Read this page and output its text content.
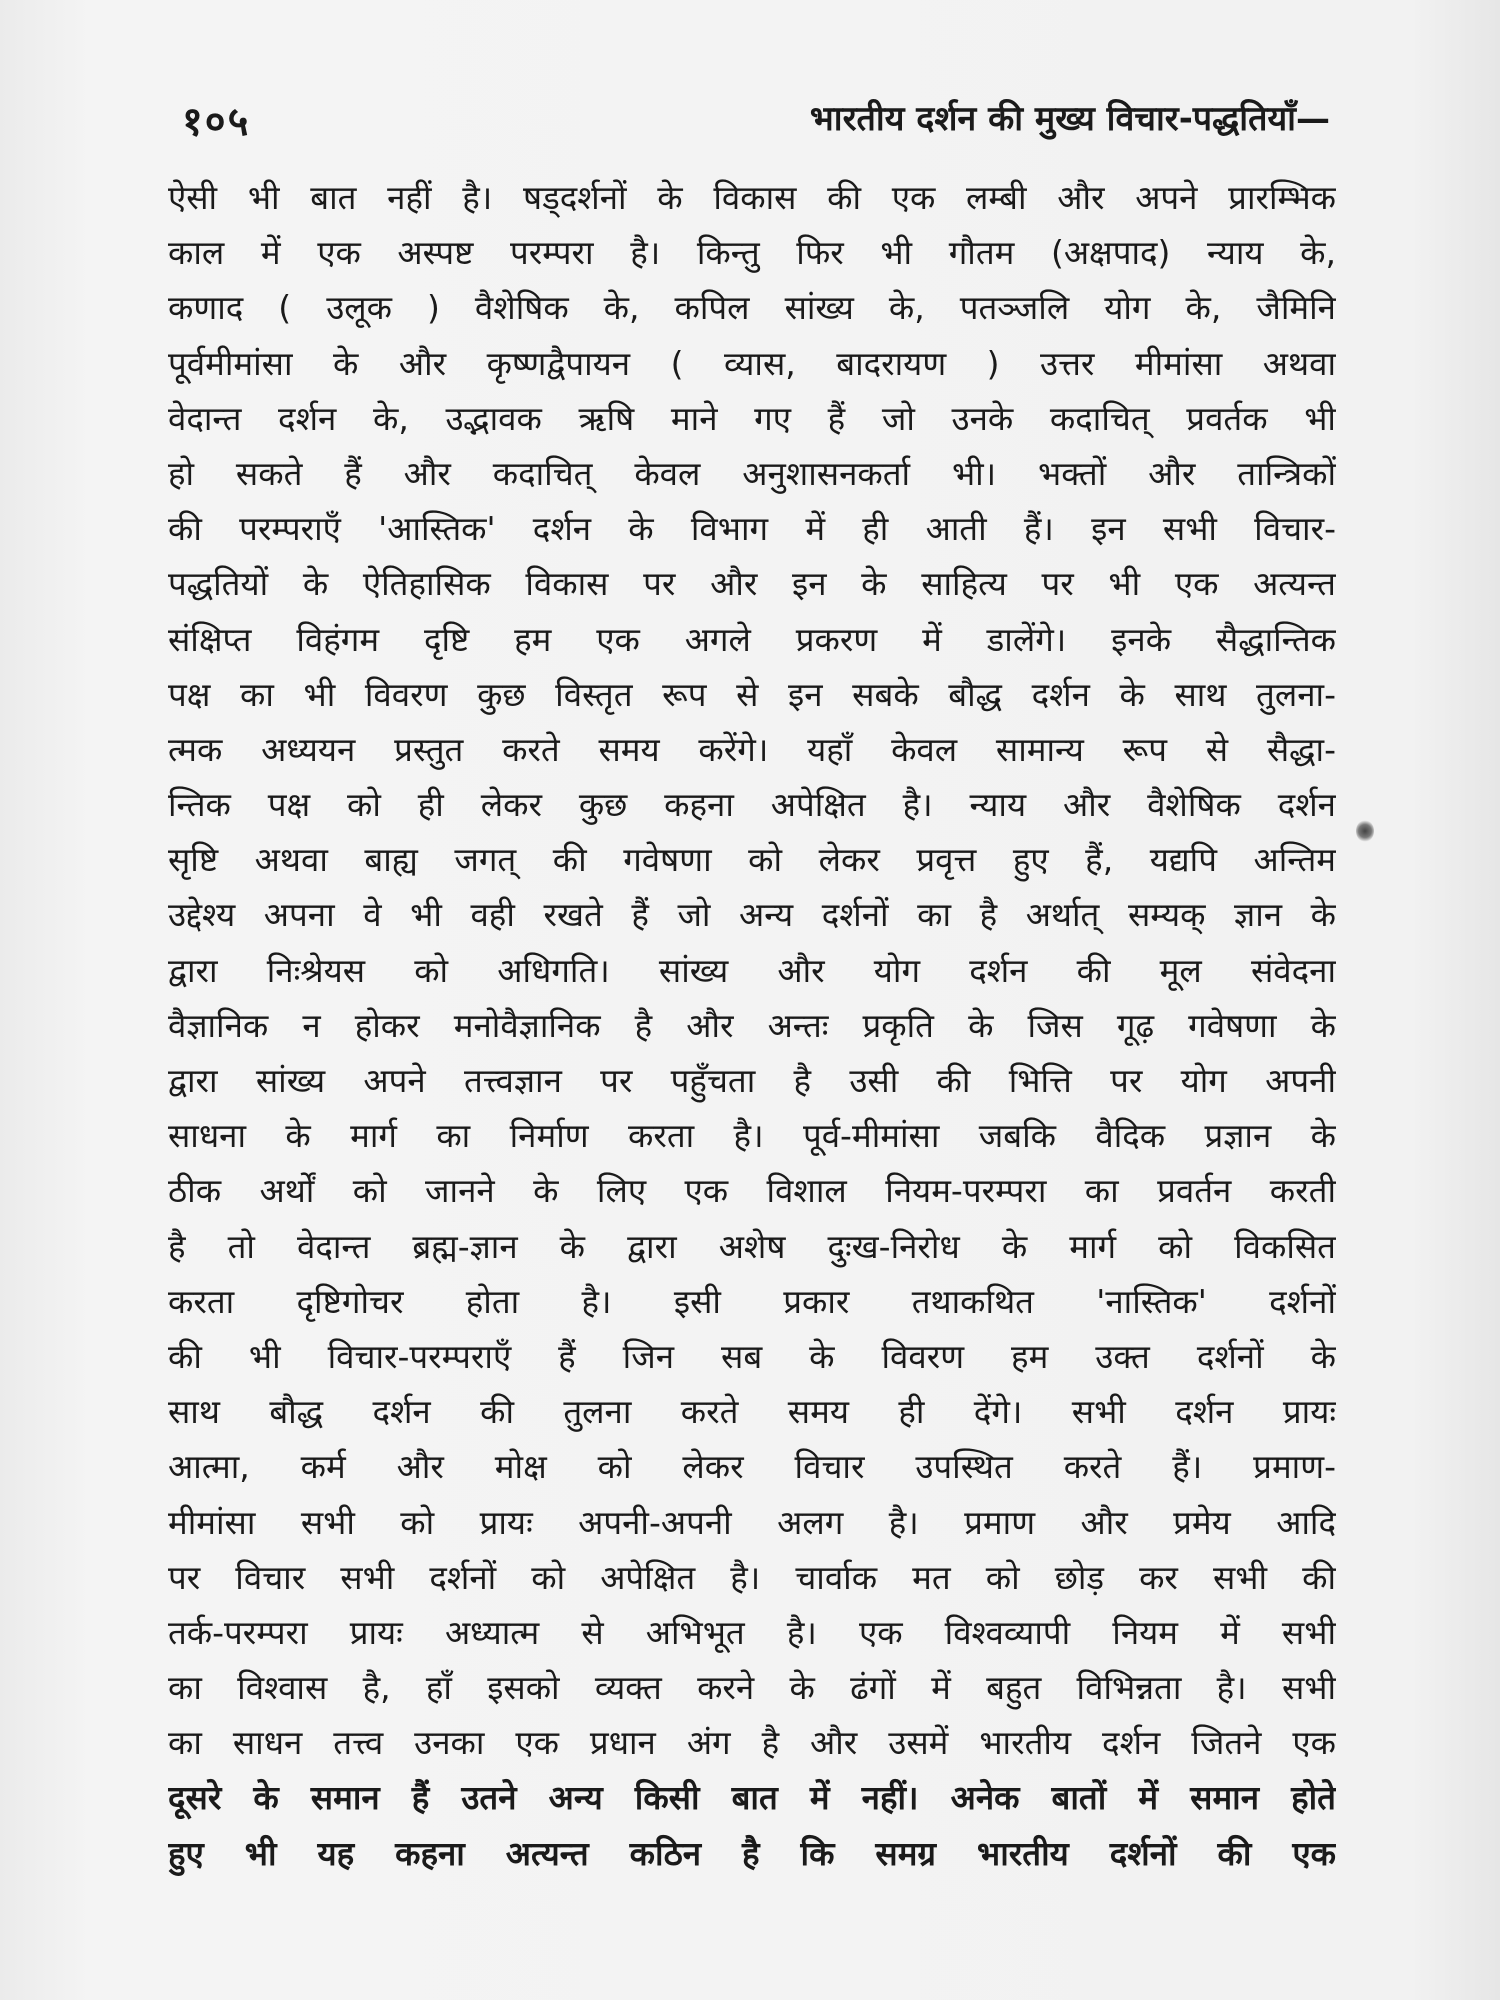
१०५	भारतीय दर्शन की मुख्य विचार-पद्धतियाँ—
ऐसी भी बात नहीं है। षड्दर्शनों के विकास की एक लम्बी और अपने प्रारम्भिक
काल में एक अस्पष्ट परम्परा है। किन्तु फिर भी गौतम (अक्षपाद) न्याय के,
कणाद ( उलूक ) वैशेषिक के, कपिल सांख्य के, पतञ्जलि योग के, जैमिनि
पूर्वमीमांसा के और कृष्णद्वैपायन ( व्यास, बादरायण ) उत्तर मीमांसा अथवा
वेदान्त दर्शन के, उद्भावक ऋषि माने गए हैं जो उनके कदाचित् प्रवर्तक भी
हो सकते हैं और कदाचित् केवल अनुशासनकर्ता भी। भक्तों और तान्त्रिकों
की परम्पराएँ 'आस्तिक' दर्शन के विभाग में ही आती हैं। इन सभी विचार-
पद्धतियों के ऐतिहासिक विकास पर और इन के साहित्य पर भी एक अत्यन्त
संक्षिप्त विहंगम दृष्टि हम एक अगले प्रकरण में डालेंगे। इनके सैद्धान्तिक
पक्ष का भी विवरण कुछ विस्तृत रूप से इन सबके बौद्ध दर्शन के साथ तुलना-
त्मक अध्ययन प्रस्तुत करते समय करेंगे। यहाँ केवल सामान्य रूप से सैद्धा-
न्तिक पक्ष को ही लेकर कुछ कहना अपेक्षित है। न्याय और वैशेषिक दर्शन
सृष्टि अथवा बाह्य जगत् की गवेषणा को लेकर प्रवृत्त हुए हैं, यद्यपि अन्तिम
उद्देश्य अपना वे भी वही रखते हैं जो अन्य दर्शनों का है अर्थात् सम्यक् ज्ञान के
द्वारा निःश्रेयस को अधिगति। सांख्य और योग दर्शन की मूल संवेदना
वैज्ञानिक न होकर मनोवैज्ञानिक है और अन्तः प्रकृति के जिस गूढ़ गवेषणा के
द्वारा सांख्य अपने तत्त्वज्ञान पर पहुँचता है उसी की भित्ति पर योग अपनी
साधना के मार्ग का निर्माण करता है। पूर्व-मीमांसा जबकि वैदिक प्रज्ञान के
ठीक अर्थों को जानने के लिए एक विशाल नियम-परम्परा का प्रवर्तन करती
है तो वेदान्त ब्रह्म-ज्ञान के द्वारा अशेष दुःख-निरोध के मार्ग को विकसित
करता दृष्टिगोचर होता है। इसी प्रकार तथाकथित 'नास्तिक' दर्शनों
की भी विचार-परम्पराएँ हैं जिन सब के विवरण हम उक्त दर्शनों के
साथ बौद्ध दर्शन की तुलना करते समय ही देंगे। सभी दर्शन प्रायः
आत्मा, कर्म और मोक्ष को लेकर विचार उपस्थित करते हैं। प्रमाण-
मीमांसा सभी को प्रायः अपनी-अपनी अलग है। प्रमाण और प्रमेय आदि
पर विचार सभी दर्शनों को अपेक्षित है। चार्वाक मत को छोड़ कर सभी की
तर्क-परम्परा प्रायः अध्यात्म से अभिभूत है। एक विश्वव्यापी नियम में सभी
का विश्वास है, हाँ इसको व्यक्त करने के ढंगों में बहुत विभिन्नता है। सभी
का साधन तत्त्व उनका एक प्रधान अंग है और उसमें भारतीय दर्शन जितने एक
दूसरे के समान हैं उतने अन्य किसी बात में नहीं। अनेक बातों में समान होते
हुए भी यह कहना अत्यन्त कठिन है कि समग्र भारतीय दर्शनों की एक
